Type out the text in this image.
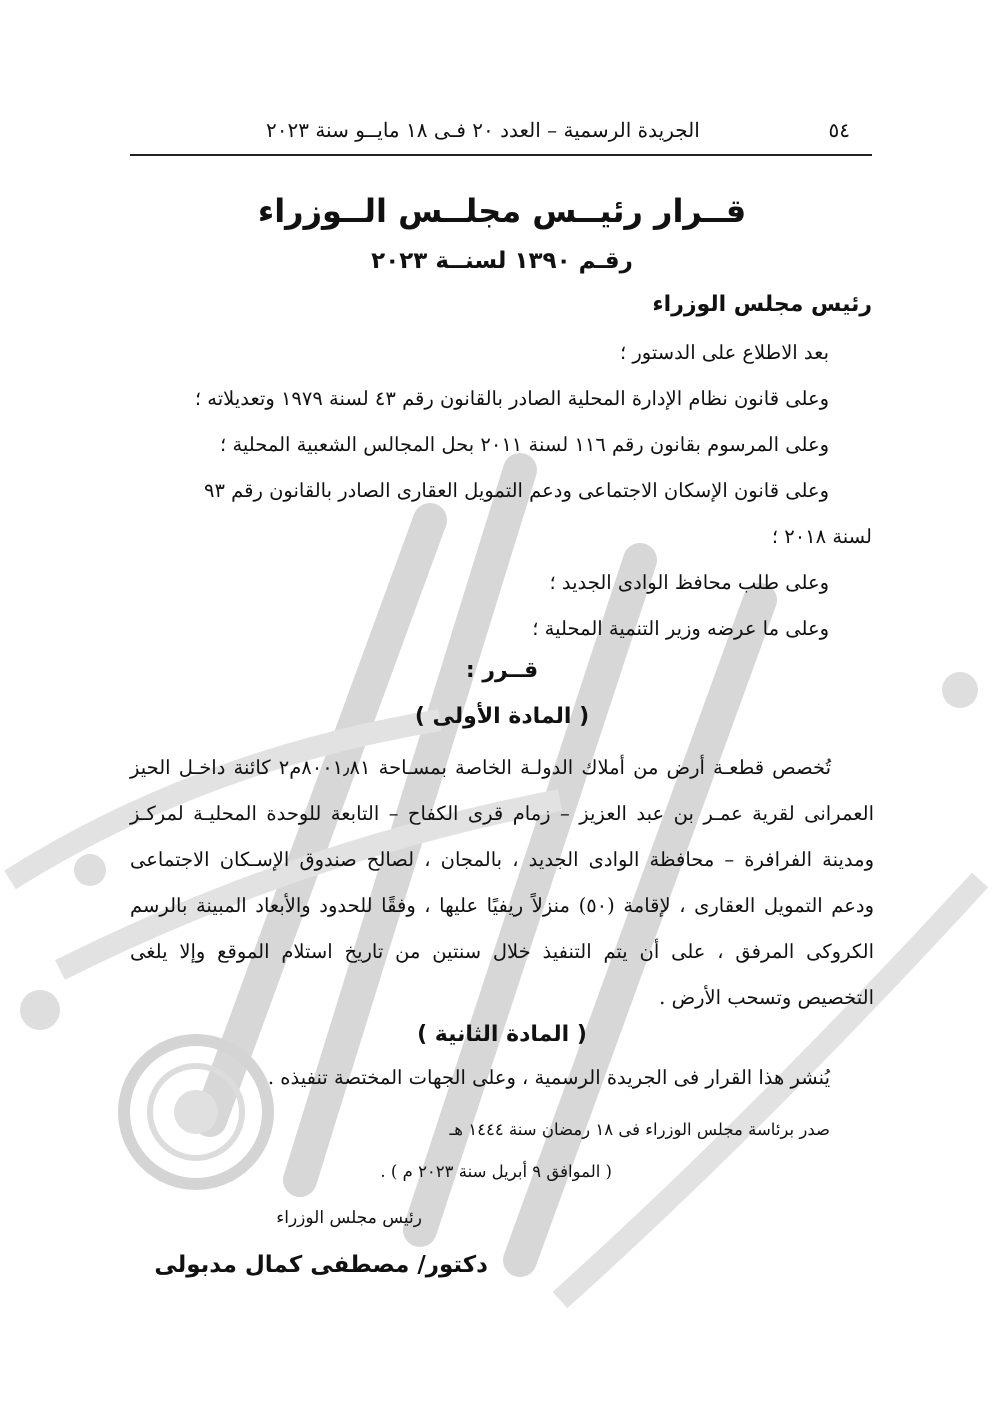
٥٤
الجريدة الرسمية – العدد ٢٠ فـى ١٨ مايــو سنة ٢٠٢٣
قــرار رئيــس مجلــس الــوزراء
رقـم ١٣٩٠ لسنــة ٢٠٢٣
رئيس مجلس الوزراء
بعد الاطلاع على الدستور ؛
وعلى قانون نظام الإدارة المحلية الصادر بالقانون رقم ٤٣ لسنة ١٩٧٩ وتعديلاته ؛
وعلى المرسوم بقانون رقم ١١٦ لسنة ٢٠١١ بحل المجالس الشعبية المحلية ؛
وعلى قانون الإسكان الاجتماعى ودعم التمويل العقارى الصادر بالقانون رقم ٩٣
لسنة ٢٠١٨ ؛
وعلى طلب محافظ الوادى الجديد ؛
وعلى ما عرضه وزير التنمية المحلية ؛
قــرر :
( المادة الأولى )

تُخصص قطعـة أرض من أملاك الدولـة الخاصة بمسـاحة ٨٠٠١٫٨١م٢ كائنة داخـل الحيز العمرانى لقرية عمـر بن عبد العزيز – زمام قرى الكفاح – التابعة للوحدة المحليـة لمركـز ومدينة الفرافرة – محافظة الوادى الجديد ، بالمجان ، لصالح صندوق الإسـكان الاجتماعى ودعم التمويل العقارى ، لإقامة (٥٠) منزلاً ريفيًا عليها ، وفقًا للحدود والأبعاد المبينة بالرسم الكروكى المرفق ، على أن يتم التنفيذ خلال سنتين من تاريخ استلام الموقع وإلا يلغى التخصيص وتسحب الأرض .

( المادة الثانية )
يُنشر هذا القرار فى الجريدة الرسمية ، وعلى الجهات المختصة تنفيذه .
صدر برئاسة مجلس الوزراء فى ١٨ رمضان سنة ١٤٤٤ هـ
( الموافق ٩ أبريل سنة ٢٠٢٣ م ) .
رئيس مجلس الوزراء
دكتور/ مصطفى كمال مدبولى
